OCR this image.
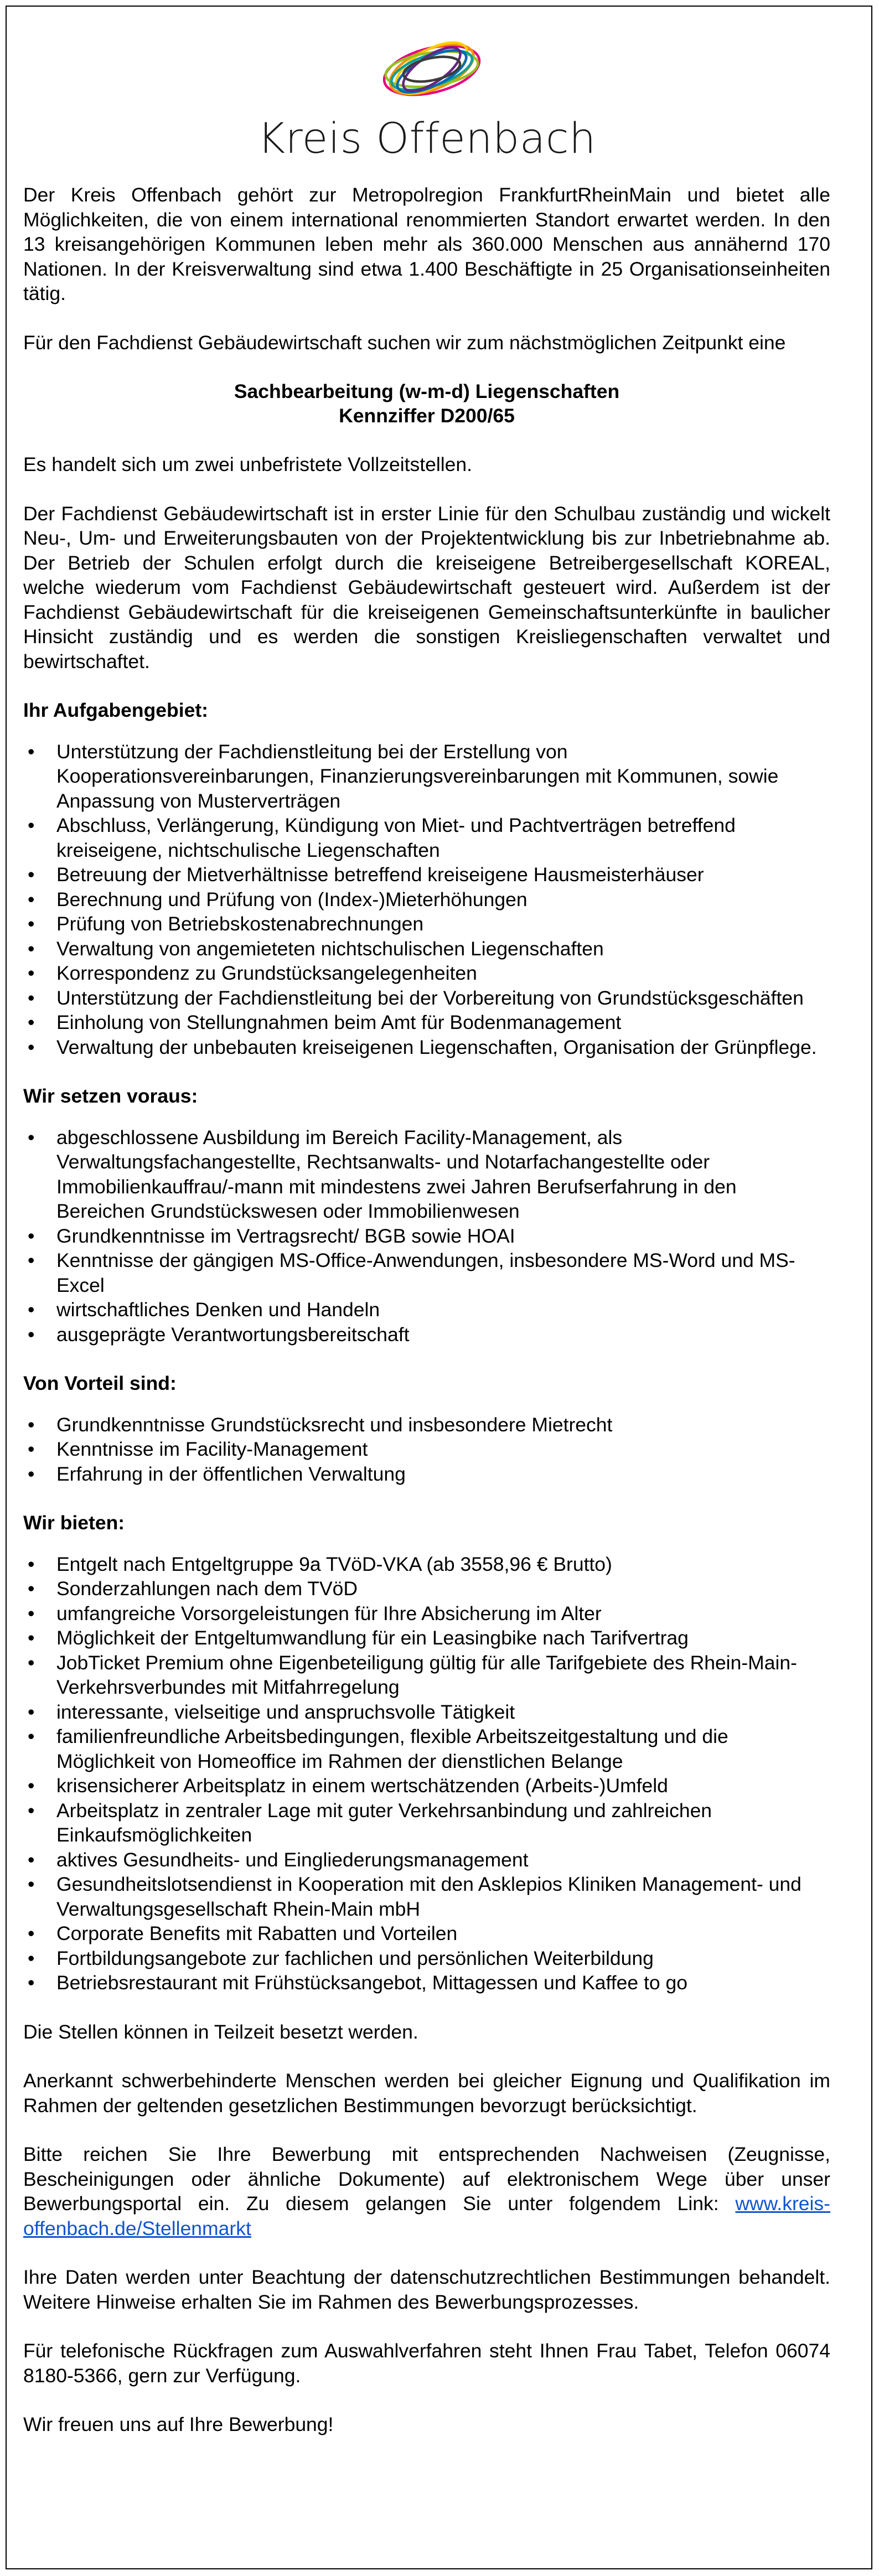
Kreis Offenbach

Der Kreis Offenbach gehört zur Metropolregion FrankfurtRheinMain und bietet alle Möglichkeiten, die von einem international renommierten Standort erwartet werden. In den 13 kreisangehörigen Kommunen leben mehr als 360.000 Menschen aus annähernd 170 Nationen. In der Kreisverwaltung sind etwa 1.400 Beschäftigte in 25 Organisationseinheiten tätig.

Für den Fachdienst Gebäudewirtschaft suchen wir zum nächstmöglichen Zeitpunkt eine

Sachbearbeitung (w-m-d) Liegenschaften
Kennziffer D200/65

Es handelt sich um zwei unbefristete Vollzeitstellen.

Der Fachdienst Gebäudewirtschaft ist in erster Linie für den Schulbau zuständig und wickelt Neu-, Um- und Erweiterungsbauten von der Projektentwicklung bis zur Inbetriebnahme ab. Der Betrieb der Schulen erfolgt durch die kreiseigene Betreibergesellschaft KOREAL, welche wiederum vom Fachdienst Gebäudewirtschaft gesteuert wird. Außerdem ist der Fachdienst Gebäudewirtschaft für die kreiseigenen Gemeinschaftsunterkünfte in baulicher Hinsicht zuständig und es werden die sonstigen Kreisliegenschaften verwaltet und bewirtschaftet.

Ihr Aufgabengebiet:
• Unterstützung der Fachdienstleitung bei der Erstellung von Kooperationsvereinbarungen, Finanzierungsvereinbarungen mit Kommunen, sowie Anpassung von Musterverträgen
• Abschluss, Verlängerung, Kündigung von Miet- und Pachtverträgen betreffend kreiseigene, nichtschulische Liegenschaften
• Betreuung der Mietverhältnisse betreffend kreiseigene Hausmeisterhäuser
• Berechnung und Prüfung von (Index-)Mieterhöhungen
• Prüfung von Betriebskostenabrechnungen
• Verwaltung von angemieteten nichtschulischen Liegenschaften
• Korrespondenz zu Grundstücksangelegenheiten
• Unterstützung der Fachdienstleitung bei der Vorbereitung von Grundstücksgeschäften
• Einholung von Stellungnahmen beim Amt für Bodenmanagement
• Verwaltung der unbebauten kreiseigenen Liegenschaften, Organisation der Grünpflege.
Wir setzen voraus:
• abgeschlossene Ausbildung im Bereich Facility-Management, als Verwaltungsfachangestellte, Rechtsanwalts- und Notarfachangestellte oder Immobilienkauffrau/-mann mit mindestens zwei Jahren Berufserfahrung in den Bereichen Grundstückswesen oder Immobilienwesen
• Grundkenntnisse im Vertragsrecht/ BGB sowie HOAI
• Kenntnisse der gängigen MS-Office-Anwendungen, insbesondere MS-Word und MS-Excel
• wirtschaftliches Denken und Handeln
• ausgeprägte Verantwortungsbereitschaft
Von Vorteil sind:
• Grundkenntnisse Grundstücksrecht und insbesondere Mietrecht
• Kenntnisse im Facility-Management
• Erfahrung in der öffentlichen Verwaltung
Wir bieten:
• Entgelt nach Entgeltgruppe 9a TVöD-VKA (ab 3558,96 € Brutto)
• Sonderzahlungen nach dem TVöD
• umfangreiche Vorsorgeleistungen für Ihre Absicherung im Alter
• Möglichkeit der Entgeltumwandlung für ein Leasingbike nach Tarifvertrag
• JobTicket Premium ohne Eigenbeteiligung gültig für alle Tarifgebiete des Rhein-Main-Verkehrsverbundes mit Mitfahrregelung
• interessante, vielseitige und anspruchsvolle Tätigkeit
• familienfreundliche Arbeitsbedingungen, flexible Arbeitszeitgestaltung und die Möglichkeit von Homeoffice im Rahmen der dienstlichen Belange
• krisensicherer Arbeitsplatz in einem wertschätzenden (Arbeits-)Umfeld
• Arbeitsplatz in zentraler Lage mit guter Verkehrsanbindung und zahlreichen Einkaufsmöglichkeiten
• aktives Gesundheits- und Eingliederungsmanagement
• Gesundheitslotsendienst in Kooperation mit den Asklepios Kliniken Management- und Verwaltungsgesellschaft Rhein-Main mbH
• Corporate Benefits mit Rabatten und Vorteilen
• Fortbildungsangebote zur fachlichen und persönlichen Weiterbildung
• Betriebsrestaurant mit Frühstücksangebot, Mittagessen und Kaffee to go

Die Stellen können in Teilzeit besetzt werden.

Anerkannt schwerbehinderte Menschen werden bei gleicher Eignung und Qualifikation im Rahmen der geltenden gesetzlichen Bestimmungen bevorzugt berücksichtigt.

Bitte reichen Sie Ihre Bewerbung mit entsprechenden Nachweisen (Zeugnisse, Bescheinigungen oder ähnliche Dokumente) auf elektronischem Wege über unser Bewerbungsportal ein. Zu diesem gelangen Sie unter folgendem Link: www.kreis-offenbach.de/Stellenmarkt

Ihre Daten werden unter Beachtung der datenschutzrechtlichen Bestimmungen behandelt. Weitere Hinweise erhalten Sie im Rahmen des Bewerbungsprozesses.

Für telefonische Rückfragen zum Auswahlverfahren steht Ihnen Frau Tabet, Telefon 06074 8180-5366, gern zur Verfügung.

Wir freuen uns auf Ihre Bewerbung!
